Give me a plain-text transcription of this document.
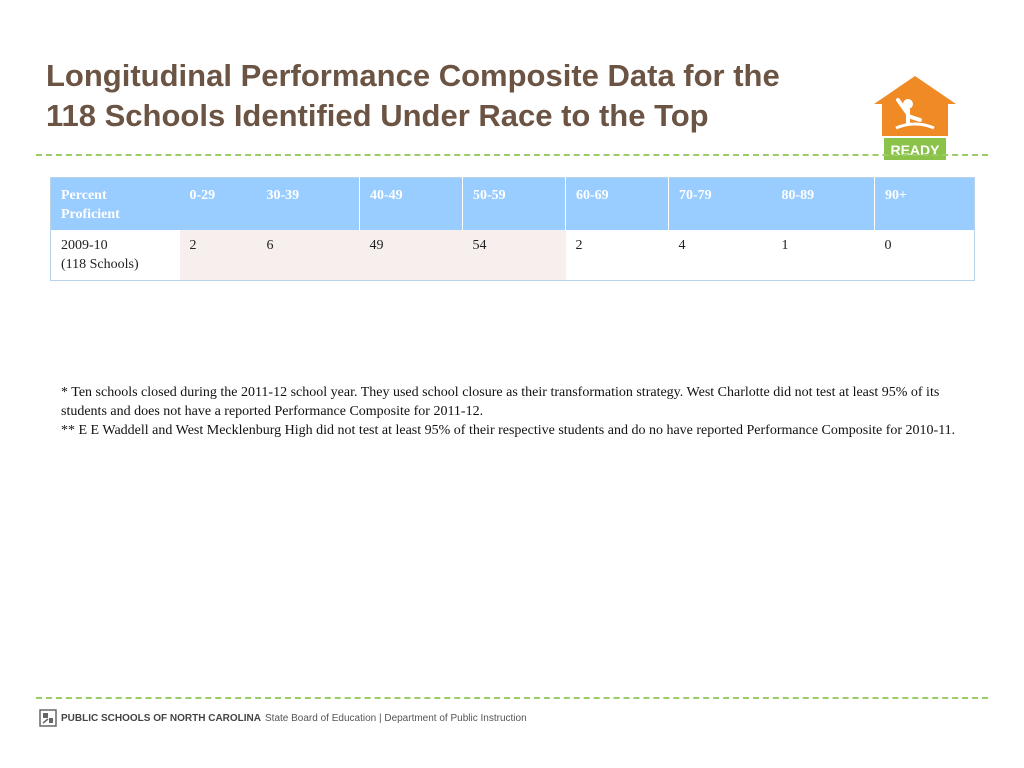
Longitudinal Performance Composite Data for the
118 Schools Identified Under Race to the Top
READY
Percent
Proficient	0-29	30-39	40-49	50-59	60-69	70-79	80-89	90+

2009-10
(118 Schools)	2	6	49	54	2	4	1	0

* Ten schools closed during the 2011-12 school year. They used school closure as their transformation strategy. West Charlotte did not test at least 95% of its students and does not have a reported Performance Composite for 2011-12.

** E E Waddell and West Mecklenburg High did not test at least 95% of their respective students and do no have reported Performance Composite for 2010-11.

PUBLIC SCHOOLS OF NORTH CAROLINA State Board of Education | Department of Public Instruction
